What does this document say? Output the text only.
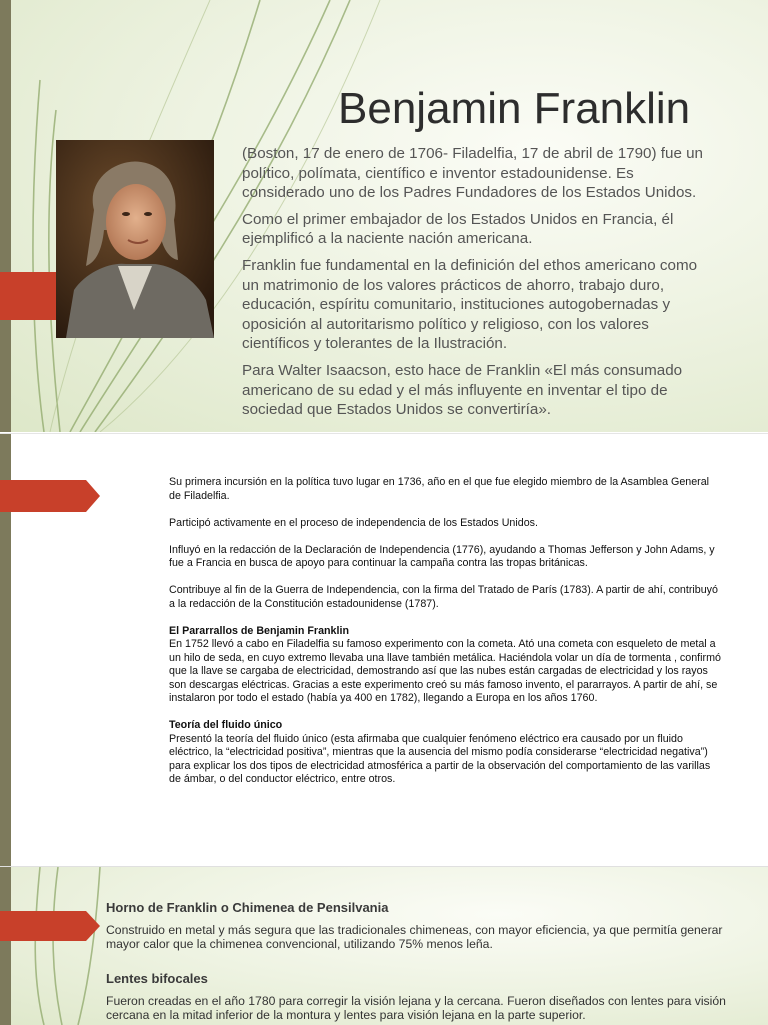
Benjamin Franklin

(Boston, 17 de enero de 1706- Filadelfia, 17 de abril de 1790) fue un político, polímata, científico e inventor estadounidense. Es considerado uno de los Padres Fundadores de los Estados Unidos.

Como el primer embajador de los Estados Unidos en Francia, él ejemplificó a la naciente nación americana.

Franklin fue fundamental en la definición del ethos americano como un matrimonio de los valores prácticos de ahorro, trabajo duro, educación, espíritu comunitario, instituciones autogobernadas y oposición al autoritarismo político y religioso, con los valores científicos y tolerantes de la Ilustración.

Para Walter Isaacson, esto hace de Franklin «El más consumado americano de su edad y el más influyente en inventar el tipo de sociedad que Estados Unidos se convertiría».

Su primera incursión en la política tuvo lugar en 1736, año en el que fue elegido miembro de la Asamblea General de Filadelfia.

Participó activamente en el proceso de independencia de los Estados Unidos.

Influyó en la redacción de la Declaración de Independencia (1776), ayudando a Thomas Jefferson y John Adams, y fue a Francia en busca de apoyo para continuar la campaña contra las tropas británicas.

Contribuye al fin de la Guerra de Independencia, con la firma del Tratado de París (1783). A partir de ahí, contribuyó a la redacción de la Constitución estadounidense (1787).

El Pararrallos de Benjamin Franklin
En 1752 llevó a cabo en Filadelfia su famoso experimento con la cometa. Ató una cometa con esqueleto de metal a un hilo de seda, en cuyo extremo llevaba una llave también metálica. Haciéndola volar un día de tormenta , confirmó que la llave se cargaba de electricidad, demostrando así que las nubes están cargadas de electricidad y los rayos son descargas eléctricas. Gracias a este experimento creó su más famoso invento, el pararrayos. A partir de ahí, se instalaron por todo el estado (había ya 400 en 1782), llegando a Europa en los años 1760.

Teoría del fluido único
Presentó la teoría del fluido único (esta afirmaba que cualquier fenómeno eléctrico era causado por un fluido eléctrico, la “electricidad positiva”, mientras que la ausencia del mismo podía considerarse “electricidad negativa”) para explicar los dos tipos de electricidad atmosférica a partir de la observación del comportamiento de las varillas de ámbar, o del conductor eléctrico, entre otros.

Horno de Franklin o Chimenea de Pensilvania

Construido en metal y más segura que las tradicionales chimeneas, con mayor eficiencia, ya que permitía generar mayor calor que la chimenea convencional, utilizando 75% menos leña.

Lentes bifocales

Fueron creadas en el año 1780 para corregir la visión lejana y la cercana. Fueron diseñados con lentes para visión cercana en la mitad inferior de la montura y lentes para visión lejana en la parte superior.
